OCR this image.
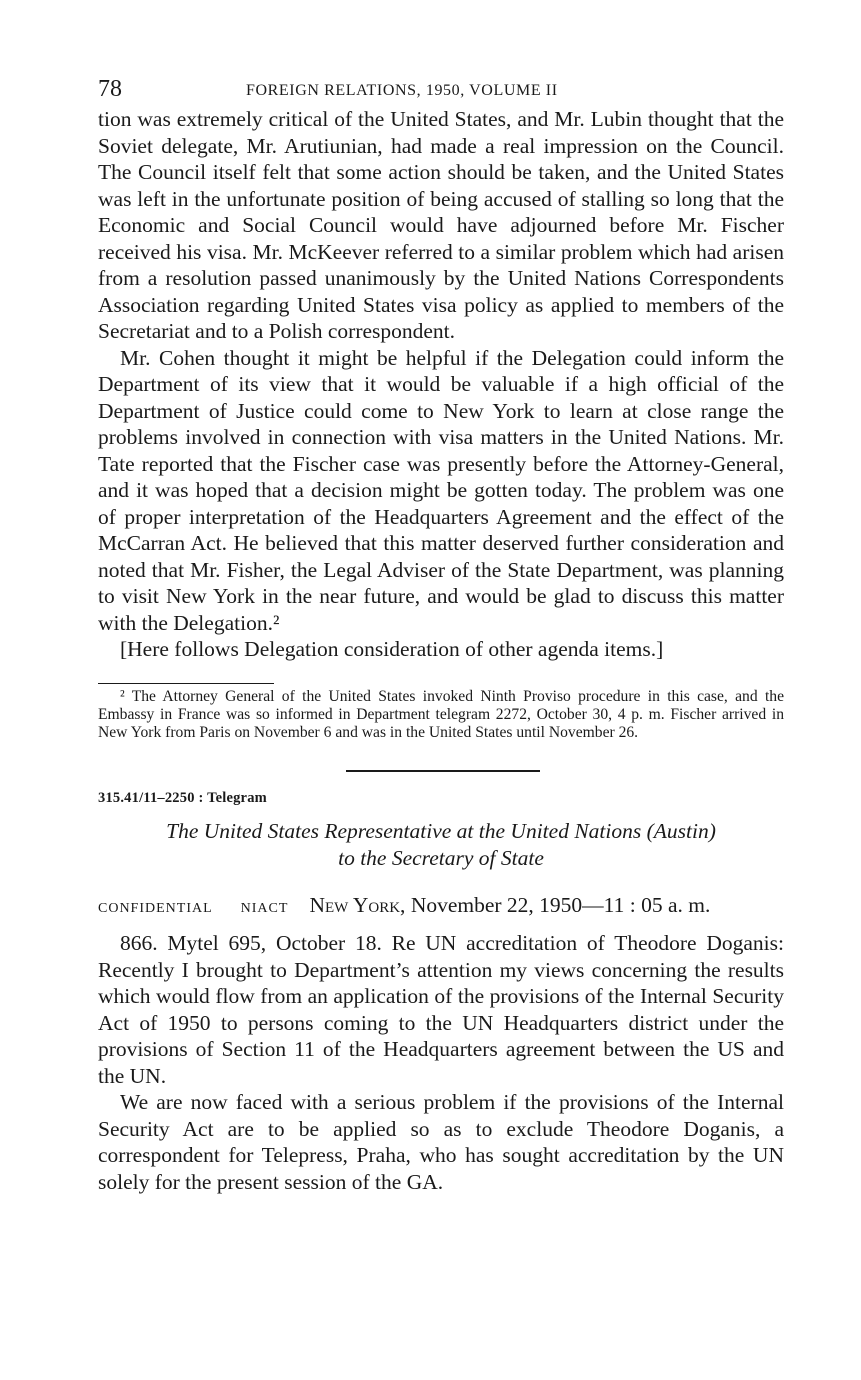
78	FOREIGN RELATIONS, 1950, VOLUME II

tion was extremely critical of the United States, and Mr. Lubin thought that the Soviet delegate, Mr. Arutiunian, had made a real impression on the Council. The Council itself felt that some action should be taken, and the United States was left in the unfortunate position of being accused of stalling so long that the Economic and Social Council would have adjourned before Mr. Fischer received his visa. Mr. McKeever referred to a similar problem which had arisen from a resolution passed unanimously by the United Nations Correspondents Association regarding United States visa policy as applied to members of the Secretariat and to a Polish correspondent.

Mr. Cohen thought it might be helpful if the Delegation could inform the Department of its view that it would be valuable if a high official of the Department of Justice could come to New York to learn at close range the problems involved in connection with visa matters in the United Nations. Mr. Tate reported that the Fischer case was presently before the Attorney-General, and it was hoped that a decision might be gotten today. The problem was one of proper interpretation of the Headquarters Agreement and the effect of the McCarran Act. He believed that this matter deserved further consideration and noted that Mr. Fisher, the Legal Adviser of the State Department, was planning to visit New York in the near future, and would be glad to discuss this matter with the Delegation.²

[Here follows Delegation consideration of other agenda items.]

² The Attorney General of the United States invoked Ninth Proviso procedure in this case, and the Embassy in France was so informed in Department telegram 2272, October 30, 4 p. m. Fischer arrived in New York from Paris on November 6 and was in the United States until November 26.
315.41/11–2250 : Telegram
The United States Representative at the United Nations (Austin)
to the Secretary of State
CONFIDENTIAL NIACT New York, November 22, 1950—11 : 05 a. m.

866. Mytel 695, October 18. Re UN accreditation of Theodore Doganis: Recently I brought to Department’s attention my views concerning the results which would flow from an application of the provisions of the Internal Security Act of 1950 to persons coming to the UN Headquarters district under the provisions of Section 11 of the Headquarters agreement between the US and the UN.

We are now faced with a serious problem if the provisions of the Internal Security Act are to be applied so as to exclude Theodore Doganis, a correspondent for Telepress, Praha, who has sought accreditation by the UN solely for the present session of the GA.
